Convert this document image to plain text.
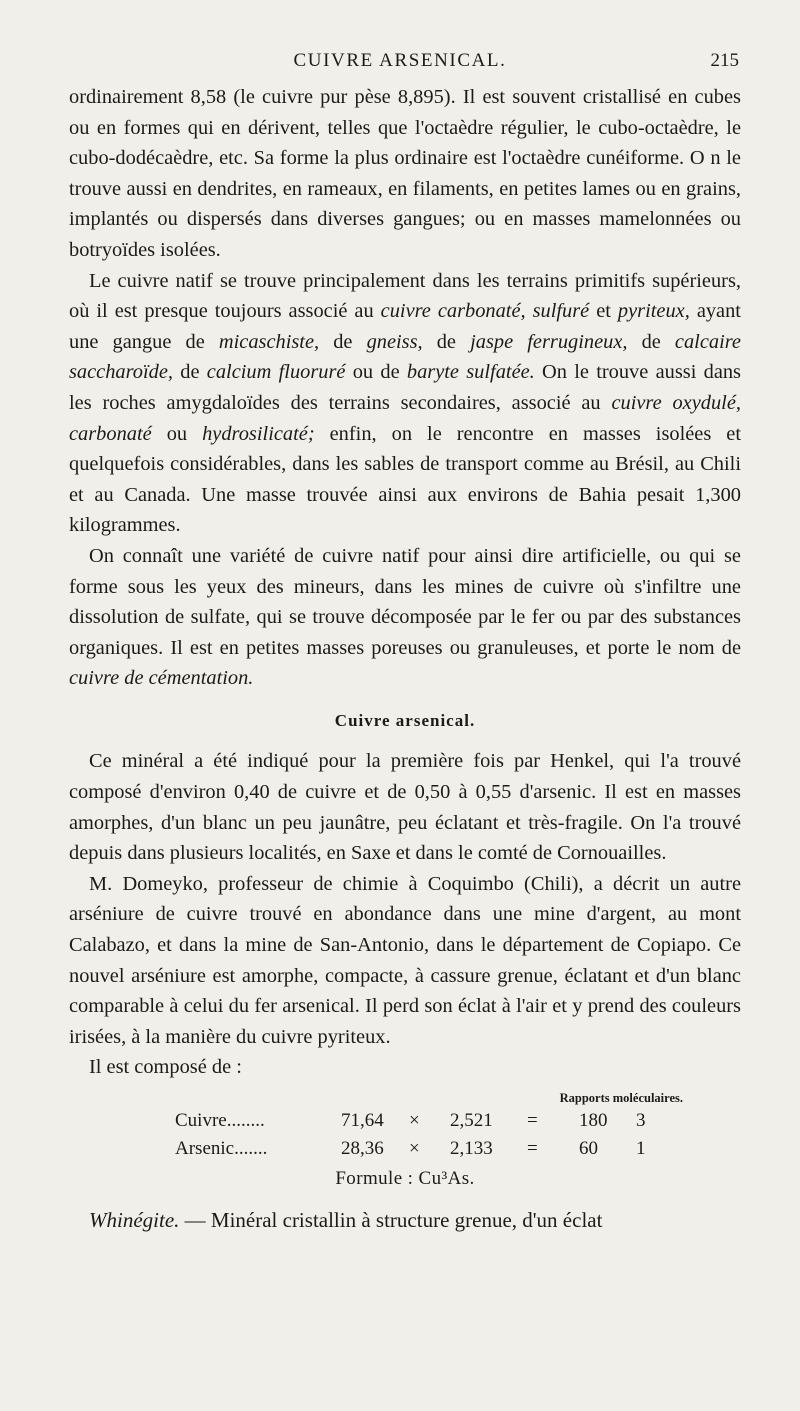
CUIVRE ARSENICAL.	215

ordinairement 8,58 (le cuivre pur pèse 8,895). Il est souvent cristallisé en cubes ou en formes qui en dérivent, telles que l'octaèdre régulier, le cubo-octaèdre, le cubo-dodécaèdre, etc. Sa forme la plus ordinaire est l'octaèdre cunéiforme. O n le trouve aussi en dendrites, en rameaux, en filaments, en petites lames ou en grains, implantés ou dispersés dans diverses gangues; ou en masses mamelonnées ou botryoïdes isolées.

Le cuivre natif se trouve principalement dans les terrains primitifs supérieurs, où il est presque toujours associé au cuivre carbonaté, sulfuré et pyriteux, ayant une gangue de micaschiste, de gneiss, de jaspe ferrugineux, de calcaire saccharoïde, de calcium fluoruré ou de baryte sulfatée. On le trouve aussi dans les roches amygdaloïdes des terrains secondaires, associé au cuivre oxydulé, carbonaté ou hydrosilicaté; enfin, on le rencontre en masses isolées et quelquefois considérables, dans les sables de transport comme au Brésil, au Chili et au Canada. Une masse trouvée ainsi aux environs de Bahia pesait 1,300 kilogrammes.

On connaît une variété de cuivre natif pour ainsi dire artificielle, ou qui se forme sous les yeux des mineurs, dans les mines de cuivre où s'infiltre une dissolution de sulfate, qui se trouve décomposée par le fer ou par des substances organiques. Il est en petites masses poreuses ou granuleuses, et porte le nom de cuivre de cémentation.

Cuivre arsenical.

Ce minéral a été indiqué pour la première fois par Henkel, qui l'a trouvé composé d'environ 0,40 de cuivre et de 0,50 à 0,55 d'arsenic. Il est en masses amorphes, d'un blanc un peu jaunâtre, peu éclatant et très-fragile. On l'a trouvé depuis dans plusieurs localités, en Saxe et dans le comté de Cornouailles.

M. Domeyko, professeur de chimie à Coquimbo (Chili), a décrit un autre arséniure de cuivre trouvé en abondance dans une mine d'argent, au mont Calabazo, et dans la mine de San-Antonio, dans le département de Copiapo. Ce nouvel arséniure est amorphe, compacte, à cassure grenue, éclatant et d'un blanc comparable à celui du fer arsenical. Il perd son éclat à l'air et y prend des couleurs irisées, à la manière du cuivre pyriteux.

Il est composé de :

Rapports moléculaires.
Cuivre........	71,64 × 2,521 = 180 3
Arsenic.......	28,36 × 2,133 = 60 1
Formule : Cu³As.

Whinégite. — Minéral cristallin à structure grenue, d'un éclat
